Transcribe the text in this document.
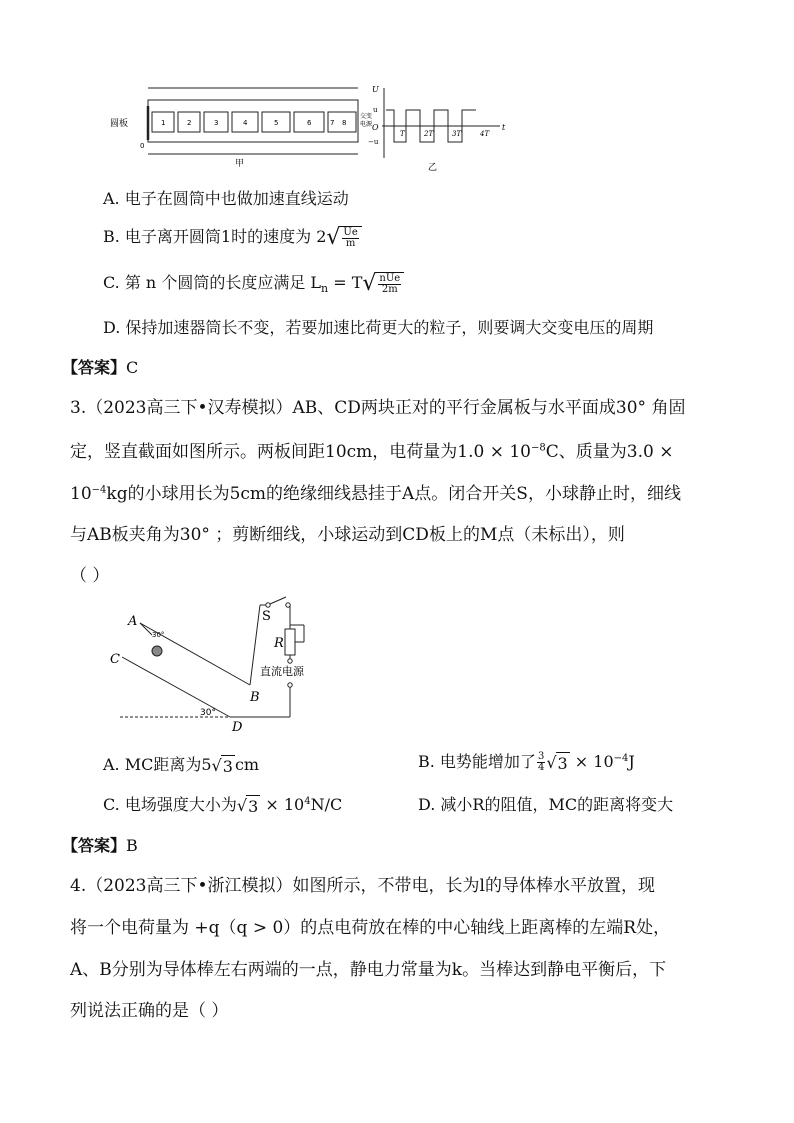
圆板
0
1	2	3	4	5	6	7 8
交变
电源
甲	乙
U
t
O
u
−u
T	2T	3T	4T
A. 电子在圆筒中也做加速直线运动
B. 电子离开圆筒1时的速度为 2 √ $\frac{Ue}{m}$
C. 第 n 个圆筒的长度应满足 $L_n = T$ √ $\frac{\text{nUe}}{2m}$
D. 保持加速器筒长不变，若要加速比荷更大的粒子，则要调大交变电压的周期
【答案】C
3.（2023高三下•汉寿模拟）AB、CD两块正对的平行金属板与水平面成30° 角固
定，竖直截面如图所示。两板间距10cm，电荷量为$1.0 \times 10^{-8}C$、质量为3.0 ×
$10^{-4}kg$的小球用长为5cm的绝缘细线悬挂于A点。闭合开关S，小球静止时，细线
与AB板夹角为30° ；剪断细线，小球运动到CD板上的M点（未标出），则
（ ）
A
C
B
D
R
S
直流电源
30°
30°
A. MC距离为5 √ 3 cm	B. 电势能增加了 $\frac{3}{4}$ √ $3 \times 10^{-4}J$
C. 电场强度大小为 √ $3 \times 10^4N/C$	D. 减小R的阻值，MC的距离将变大
【答案】B
4.（2023高三下•浙江模拟）如图所示，不带电，长为l的导体棒水平放置，现
将一个电荷量为 +q（q > 0）的点电荷放在棒的中心轴线上距离棒的左端R处，
A、B分别为导体棒左右两端的一点，静电力常量为k。当棒达到静电平衡后，下
列说法正确的是（ ）
